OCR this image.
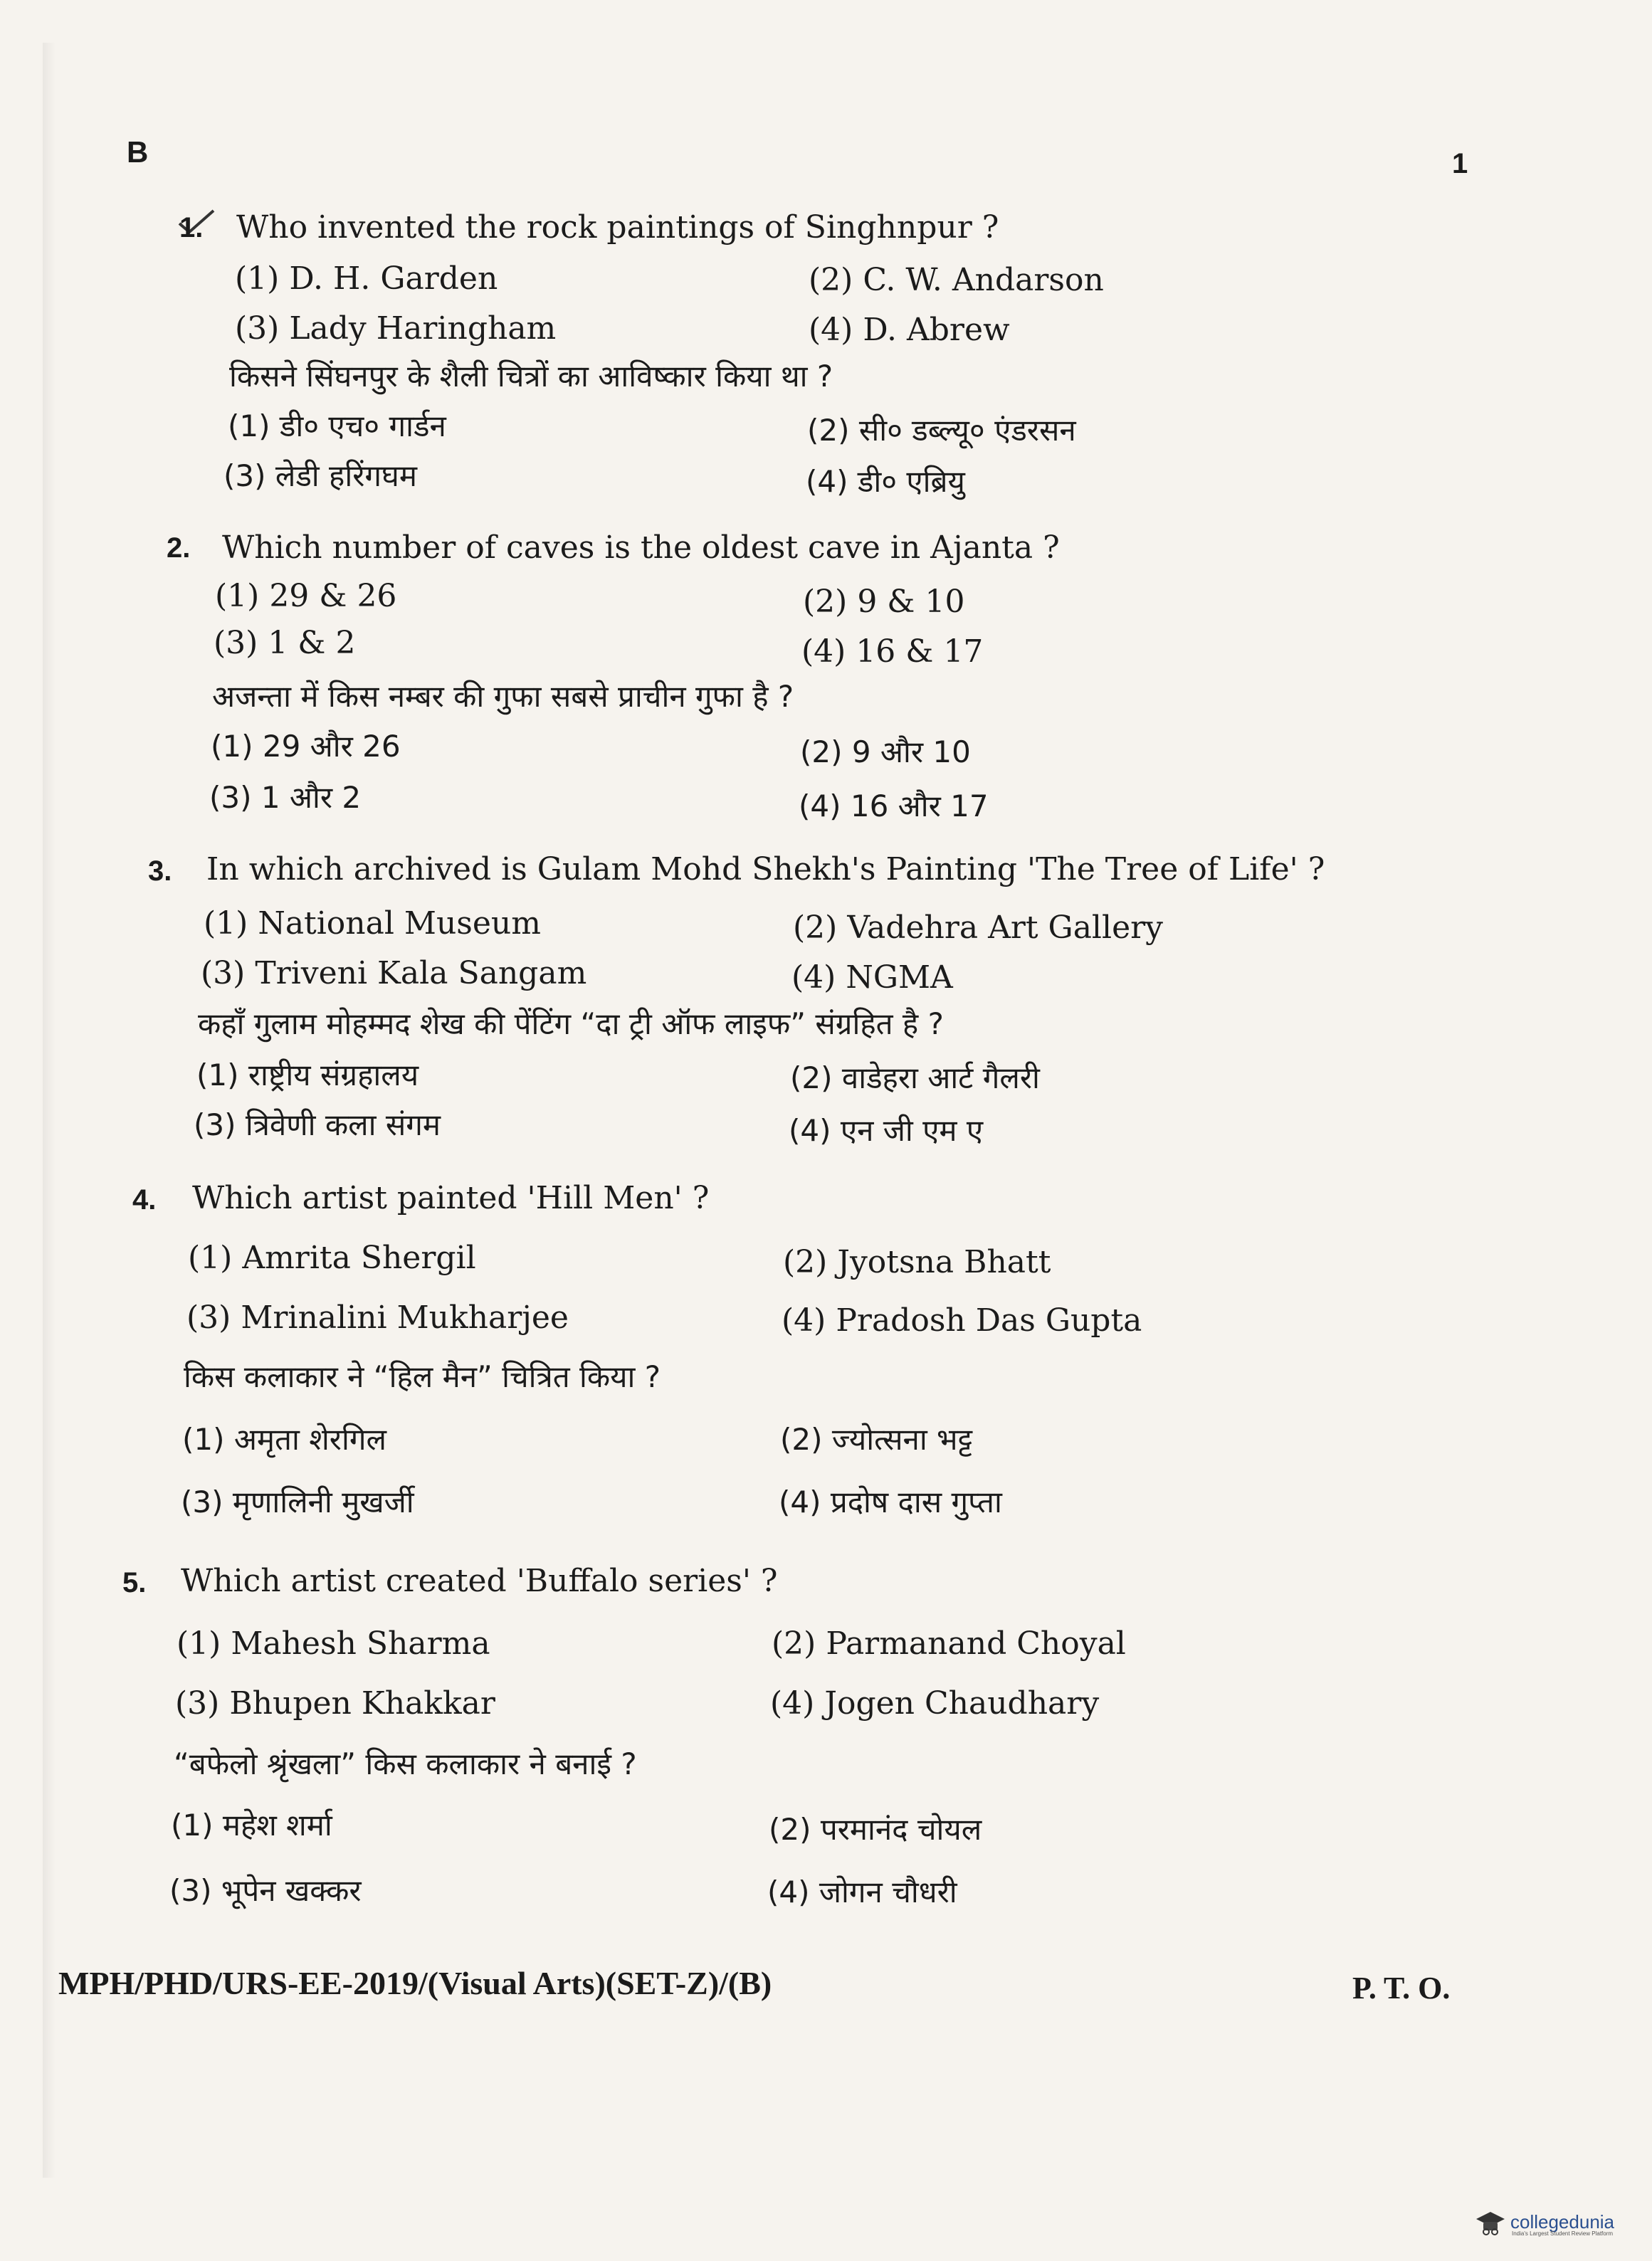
B	1
1. Who invented the rock paintings of Singhnpur ?
(1) D. H. Garden	(2) C. W. Andarson
(3) Lady Haringham	(4) D. Abrew
किसने सिंघनपुर के शैली चित्रों का आविष्कार किया था ?
(1) डी० एच० गार्डन	(2) सी० डब्ल्यू० एंडरसन
(3) लेडी हरिंगघम	(4) डी० एब्रियु
2. Which number of caves is the oldest cave in Ajanta ?
(1) 29 & 26	(2) 9 & 10
(3) 1 & 2	(4) 16 & 17
अजन्ता में किस नम्बर की गुफा सबसे प्राचीन गुफा है ?
(1) 29 और 26	(2) 9 और 10
(3) 1 और 2	(4) 16 और 17
3. In which archived is Gulam Mohd Shekh's Painting 'The Tree of Life' ?
(1) National Museum	(2) Vadehra Art Gallery
(3) Triveni Kala Sangam	(4) NGMA
कहाँ गुलाम मोहम्मद शेख की पेंटिंग “दा ट्री ऑफ लाइफ” संग्रहित है ?
(1) राष्ट्रीय संग्रहालय	(2) वाडेहरा आर्ट गैलरी
(3) त्रिवेणी कला संगम	(4) एन जी एम ए
4. Which artist painted 'Hill Men' ?
(1) Amrita Shergil	(2) Jyotsna Bhatt
(3) Mrinalini Mukharjee	(4) Pradosh Das Gupta
किस कलाकार ने “हिल मैन” चित्रित किया ?
(1) अमृता शेरगिल	(2) ज्योत्सना भट्ट
(3) मृणालिनी मुखर्जी	(4) प्रदोष दास गुप्ता
5. Which artist created 'Buffalo series' ?
(1) Mahesh Sharma	(2) Parmanand Choyal
(3) Bhupen Khakkar	(4) Jogen Chaudhary
“बफेलो श्रृंखला” किस कलाकार ने बनाई ?
(1) महेश शर्मा	(2) परमानंद चोयल
(3) भूपेन खक्कर	(4) जोगन चौधरी
MPH/PHD/URS-EE-2019/(Visual Arts)(SET-Z)/(B)	P. T. O.
collegedunia
India's Largest Student Review Platform
